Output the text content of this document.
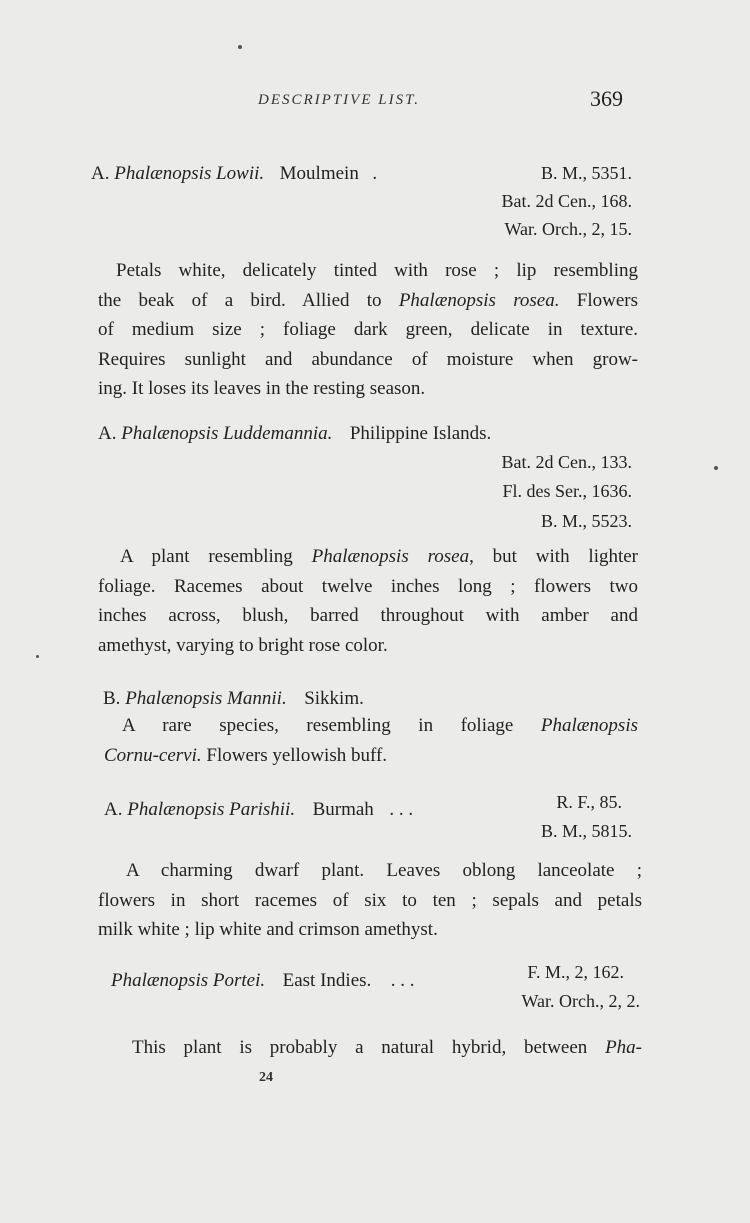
DESCRIPTIVE LIST.	369
A. Phalænopsis Lowii. Moulmein .	B. M., 5351.
Bat. 2d Cen., 168.
War. Orch., 2, 15.
Petals white, delicately tinted with rose ; lip resembling
the beak of a bird. Allied to Phalænopsis rosea. Flowers
of medium size ; foliage dark green, delicate in texture.
Requires sunlight and abundance of moisture when grow-
ing. It loses its leaves in the resting season.
A. Phalænopsis Luddemannia. Philippine Islands.
Bat. 2d Cen., 133.
Fl. des Ser., 1636.
B. M., 5523.
A plant resembling Phalænopsis rosea, but with lighter
foliage. Racemes about twelve inches long ; flowers two
inches across, blush, barred throughout with amber and
amethyst, varying to bright rose color.
B. Phalænopsis Mannii. Sikkim.
A rare species, resembling in foliage Phalænopsis
Cornu-cervi. Flowers yellowish buff.
A. Phalænopsis Parishii. Burmah . . .	R. F., 85.
B. M., 5815.
A charming dwarf plant. Leaves oblong lanceolate ;
flowers in short racemes of six to ten ; sepals and petals
milk white ; lip white and crimson amethyst.
Phalænopsis Portei. East Indies. . . .	F. M., 2, 162.
War. Orch., 2, 2.
This plant is probably a natural hybrid, between Pha-
24
